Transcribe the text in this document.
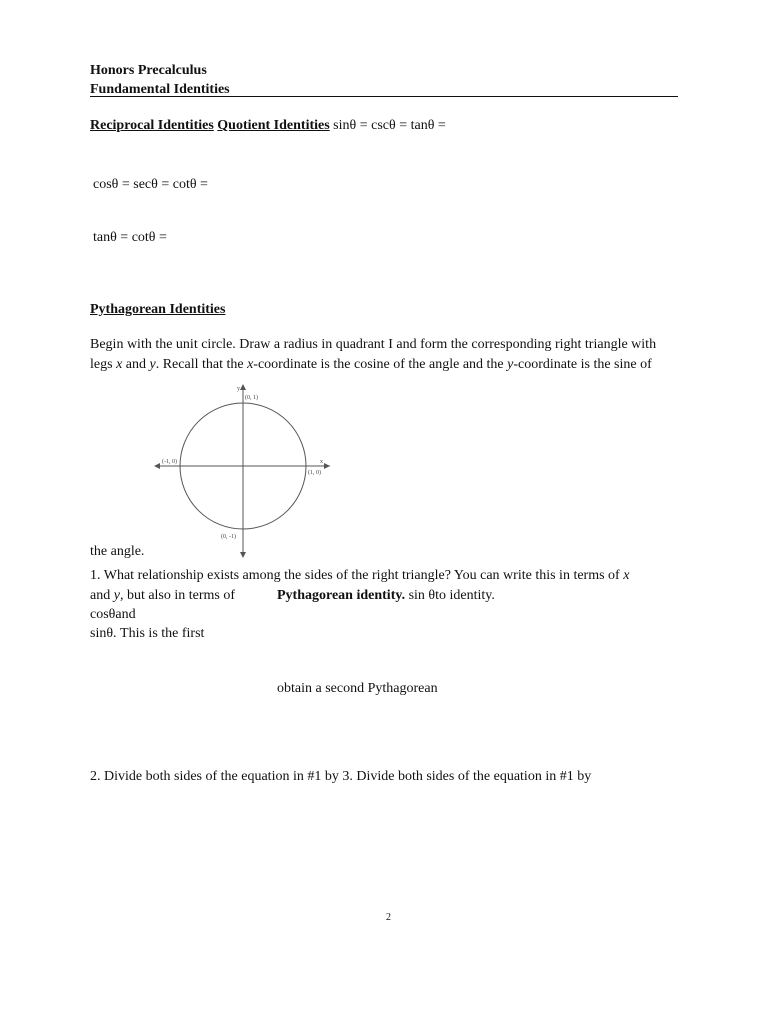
Honors Precalculus
Fundamental Identities
Reciprocal Identities Quotient Identities sinθ = cscθ = tanθ =
cosθ = secθ = cotθ =
tanθ = cotθ =
Pythagorean Identities
Begin with the unit circle. Draw a radius in quadrant I and form the corresponding right triangle with
legs x and y. Recall that the x-coordinate is the cosine of the angle and the y-coordinate is the sine of
y
x
(0, 1)
(-1, 0)
(1, 0)
(0, -1)
the angle.
1. What relationship exists among the sides of the right triangle? You can write this in terms of x
and y, but also in terms of	Pythagorean identity. sin θto identity.
cosθand
sinθ. This is the first
obtain a second Pythagorean
2. Divide both sides of the equation in #1 by 3. Divide both sides of the equation in #1 by
2
